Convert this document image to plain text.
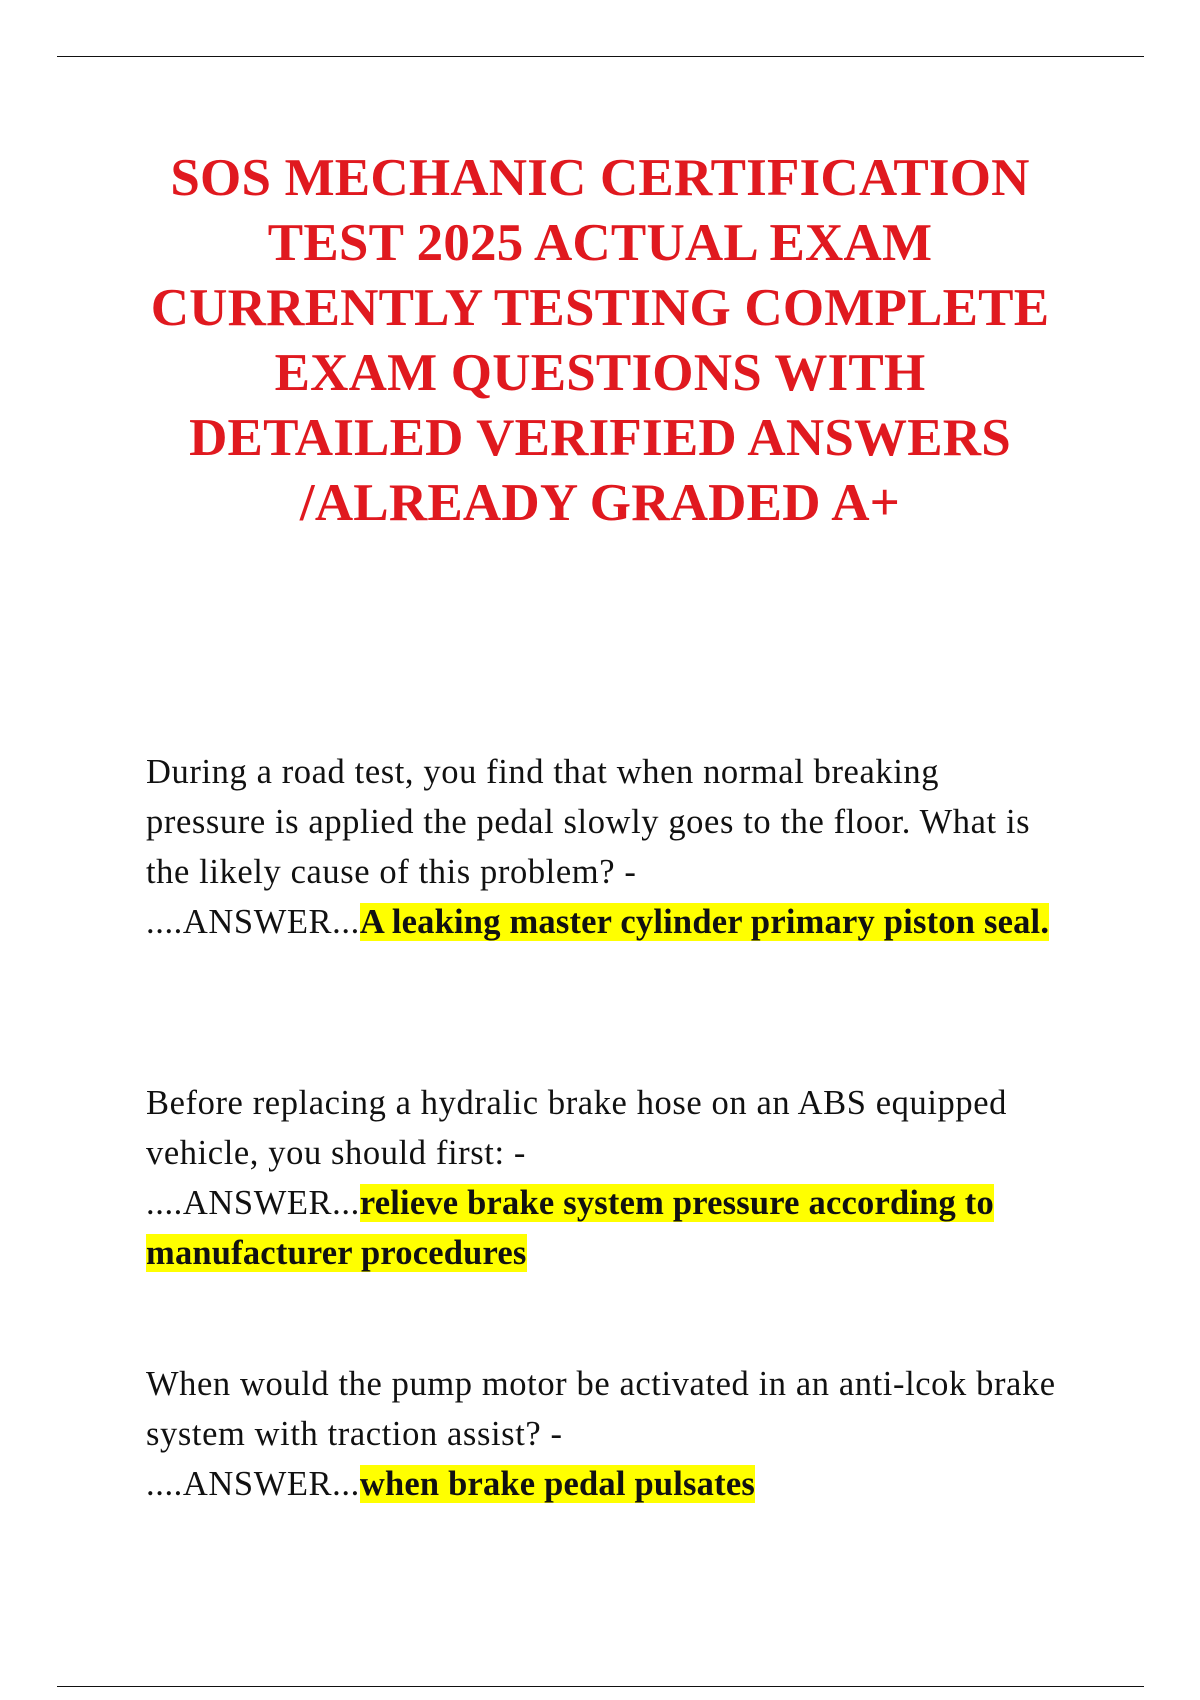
SOS MECHANIC CERTIFICATION TEST 2025 ACTUAL EXAM CURRENTLY TESTING COMPLETE EXAM QUESTIONS WITH DETAILED VERIFIED ANSWERS /ALREADY GRADED A+

During a road test, you find that when normal breaking pressure is applied the pedal slowly goes to the floor. What is the likely cause of this problem? -
....ANSWER...A leaking master cylinder primary piston seal.

Before replacing a hydralic brake hose on an ABS equipped vehicle, you should first: -
....ANSWER...relieve brake system pressure according to manufacturer procedures

When would the pump motor be activated in an anti-lcok brake system with traction assist? -
....ANSWER...when brake pedal pulsates
